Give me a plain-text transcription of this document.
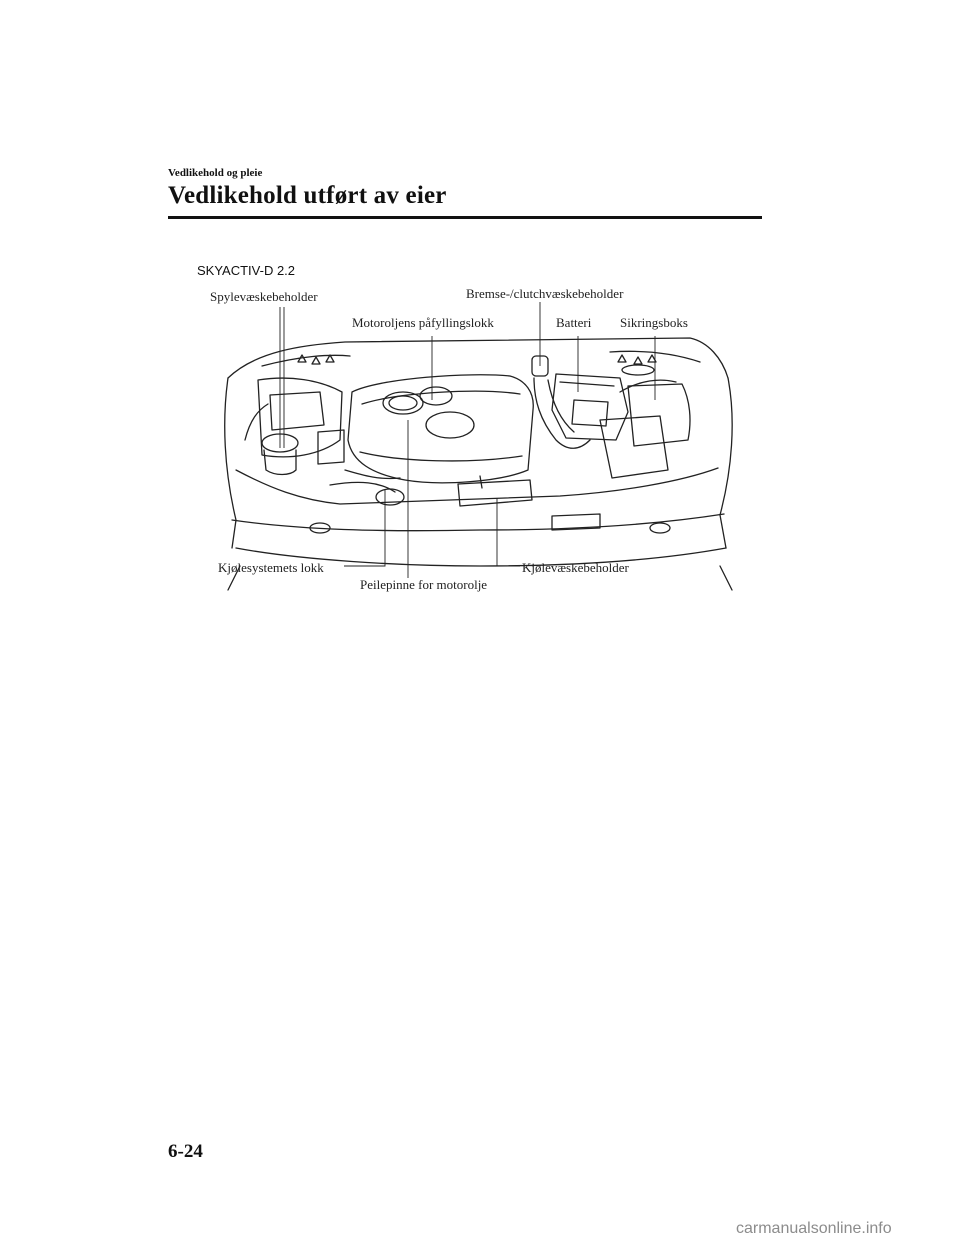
Vedlikehold og pleie
Vedlikehold utført av eier
SKYACTIV-D 2.2
Spylevæskebeholder	Bremse-/clutchvæskebeholder
Motoroljens påfyllingslokk	Batteri Sikringsboks
Kjølesystemets lokk
Peilepinne for motorolje
Kjølevæskebeholder
6-24
carmanualsonline.info
